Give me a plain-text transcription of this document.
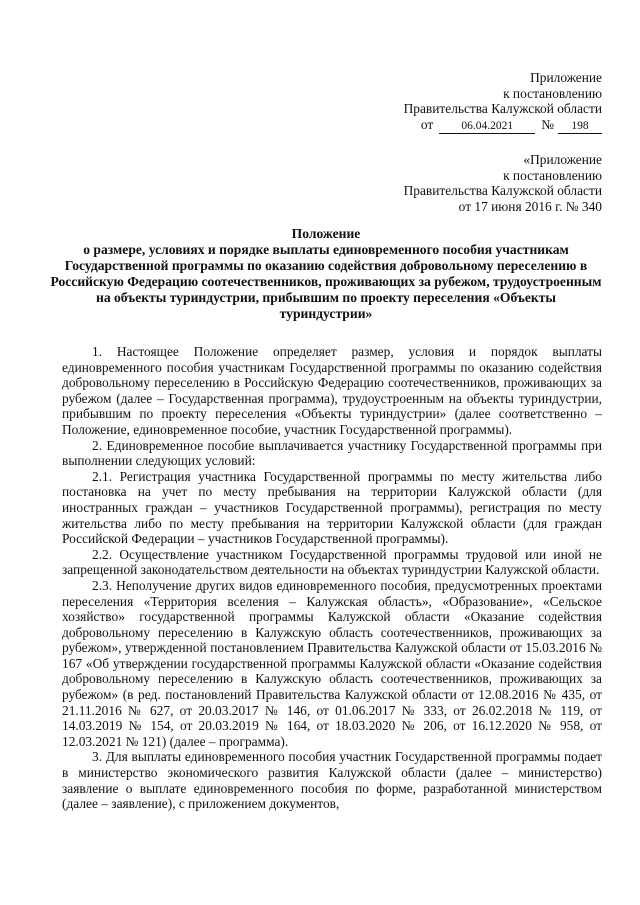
Приложение
к постановлению
Правительства Калужской области
от 06.04.2021 № 198
«Приложение
к постановлению
Правительства Калужской области
от 17 июня 2016 г. № 340
Положение
о размере, условиях и порядке выплаты единовременного пособия участникам Государственной программы по оказанию содействия добровольному переселению в Российскую Федерацию соотечественников, проживающих за рубежом, трудоустроенным на объекты туриндустрии, прибывшим по проекту переселения «Объекты туриндустрии»

1. Настоящее Положение определяет размер, условия и порядок выплаты единовременного пособия участникам Государственной программы по оказанию содействия добровольному переселению в Российскую Федерацию соотечественников, проживающих за рубежом (далее – Государственная программа), трудоустроенным на объекты туриндустрии, прибывшим по проекту переселения «Объекты туриндустрии» (далее соответственно – Положение, единовременное пособие, участник Государственной программы).

2. Единовременное пособие выплачивается участнику Государственной программы при выполнении следующих условий:

2.1. Регистрация участника Государственной программы по месту жительства либо постановка на учет по месту пребывания на территории Калужской области (для иностранных граждан – участников Государственной программы), регистрация по месту жительства либо по месту пребывания на территории Калужской области (для граждан Российской Федерации – участников Государственной программы).

2.2. Осуществление участником Государственной программы трудовой или иной не запрещенной законодательством деятельности на объектах туриндустрии Калужской области.

2.3. Неполучение других видов единовременного пособия, предусмотренных проектами переселения «Территория вселения – Калужская область», «Образование», «Сельское хозяйство» государственной программы Калужской области «Оказание содействия добровольному переселению в Калужскую область соотечественников, проживающих за рубежом», утвержденной постановлением Правительства Калужской области от 15.03.2016 № 167 «Об утверждении государственной программы Калужской области «Оказание содействия добровольному переселению в Калужскую область соотечественников, проживающих за рубежом» (в ред. постановлений Правительства Калужской области от 12.08.2016 № 435, от 21.11.2016 № 627, от 20.03.2017 № 146, от 01.06.2017 № 333, от 26.02.2018 № 119, от 14.03.2019 № 154, от 20.03.2019 № 164, от 18.03.2020 № 206, от 16.12.2020 № 958, от 12.03.2021 № 121) (далее – программа).

3. Для выплаты единовременного пособия участник Государственной программы подает в министерство экономического развития Калужской области (далее – министерство) заявление о выплате единовременного пособия по форме, разработанной министерством (далее – заявление), с приложением документов,
